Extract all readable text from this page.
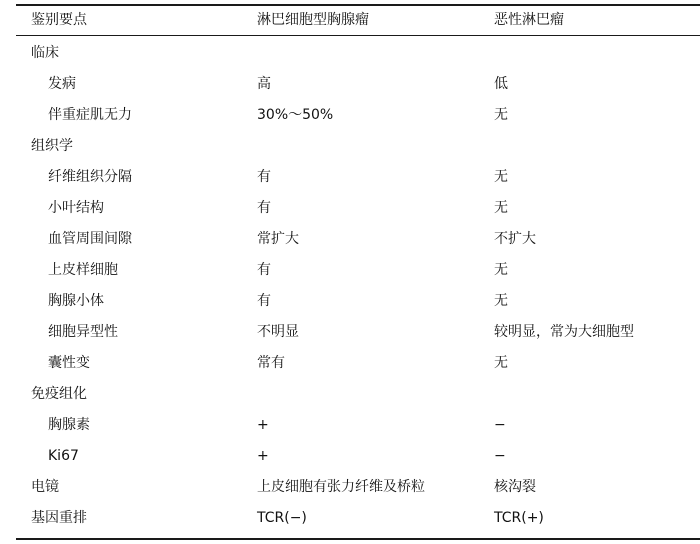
鉴别要点	淋巴细胞型胸腺瘤	恶性淋巴瘤
临床
发病	高	低
伴重症肌无力	30%～50%	无
组织学
纤维组织分隔	有	无
小叶结构	有	无
血管周围间隙	常扩大	不扩大
上皮样细胞	有	无
胸腺小体	有	无
细胞异型性	不明显	较明显，常为大细胞型
囊性变	常有	无
免疫组化
胸腺素	+	−
Ki67	+	−
电镜	上皮细胞有张力纤维及桥粒	核沟裂
基因重排	TCR(−)	TCR(+)
